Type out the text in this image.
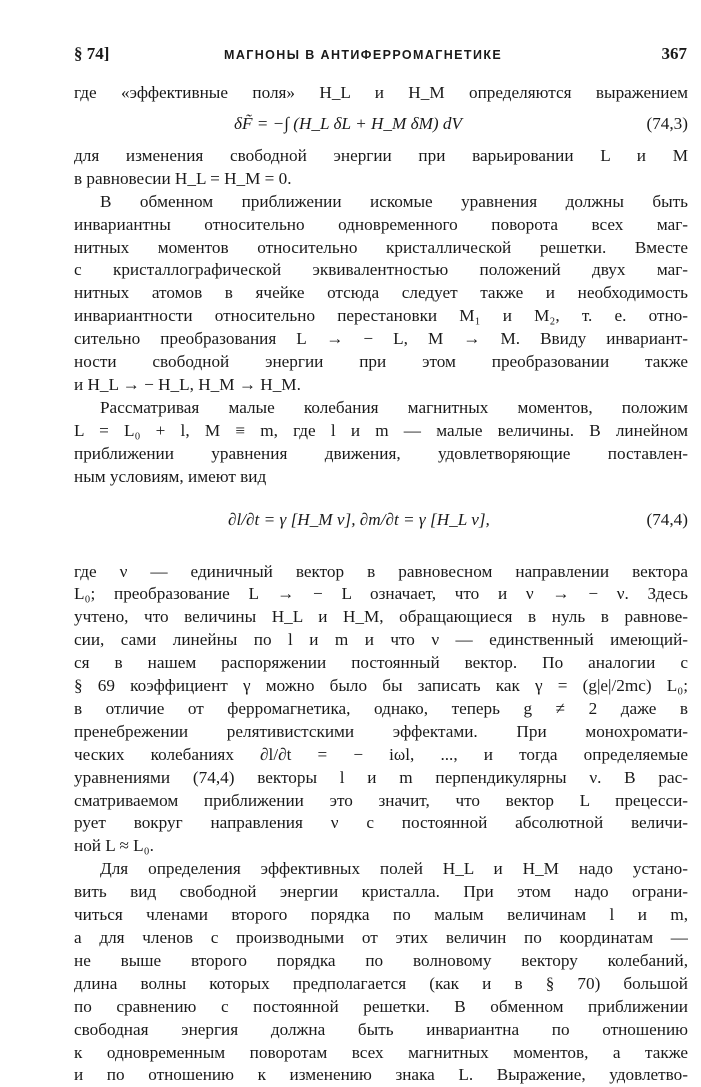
§ 74]	МАГНОНЫ В АНТИФЕРРОМАГНЕТИКЕ	367
где «эффективные поля» H_L и H_M определяются выражением
δF̃ = −∫ (H_L δL + H_M δM) dV	(74,3)
для изменения свободной энергии при варьировании L и M
в равновесии H_L = H_M = 0.
В обменном приближении искомые уравнения должны быть
инвариантны относительно одновременного поворота всех маг-
нитных моментов относительно кристаллической решетки. Вместе
с кристаллографической эквивалентностью положений двух маг-
нитных атомов в ячейке отсюда следует также и необходимость
инвариантности относительно перестановки M₁ и M₂, т. е. отно-
сительно преобразования L → − L, M → M. Ввиду инвариант-
ности свободной энергии при этом преобразовании также
и H_L → − H_L, H_M → H_M.
Рассматривая малые колебания магнитных моментов, положим
L = L₀ + l, M ≡ m, где l и m — малые величины. В линейном
приближении уравнения движения, удовлетворяющие поставлен-
ным условиям, имеют вид
∂l/∂t = γ [H_M ν], ∂m/∂t = γ [H_L ν],	(74,4)
где ν — единичный вектор в равновесном направлении вектора
L₀; преобразование L → − L означает, что и ν → − ν. Здесь
учтено, что величины H_L и H_M, обращающиеся в нуль в равнове-
сии, сами линейны по l и m и что ν — единственный имеющий-
ся в нашем распоряжении постоянный вектор. По аналогии с
§ 69 коэффициент γ можно было бы записать как γ = (g|e|/2mc) L₀;
в отличие от ферромагнетика, однако, теперь g ≠ 2 даже в
пренебрежении релятивистскими эффектами. При монохромати-
ческих колебаниях ∂l/∂t = − iωl, ..., и тогда определяемые
уравнениями (74,4) векторы l и m перпендикулярны ν. В рас-
сматриваемом приближении это значит, что вектор L прецесси-
рует вокруг направления ν с постоянной абсолютной величи-
ной L ≈ L₀.
Для определения эффективных полей H_L и H_M надо устано-
вить вид свободной энергии кристалла. При этом надо ограни-
читься членами второго порядка по малым величинам l и m,
а для членов с производными от этих величин по координатам —
не выше второго порядка по волновому вектору колебаний,
длина волны которых предполагается (как и в § 70) большой
по сравнению с постоянной решетки. В обменном приближении
свободная энергия должна быть инвариантна по отношению
к одновременным поворотам всех магнитных моментов, а также
и по отношению к изменению знака L. Выражение, удовлетво-
